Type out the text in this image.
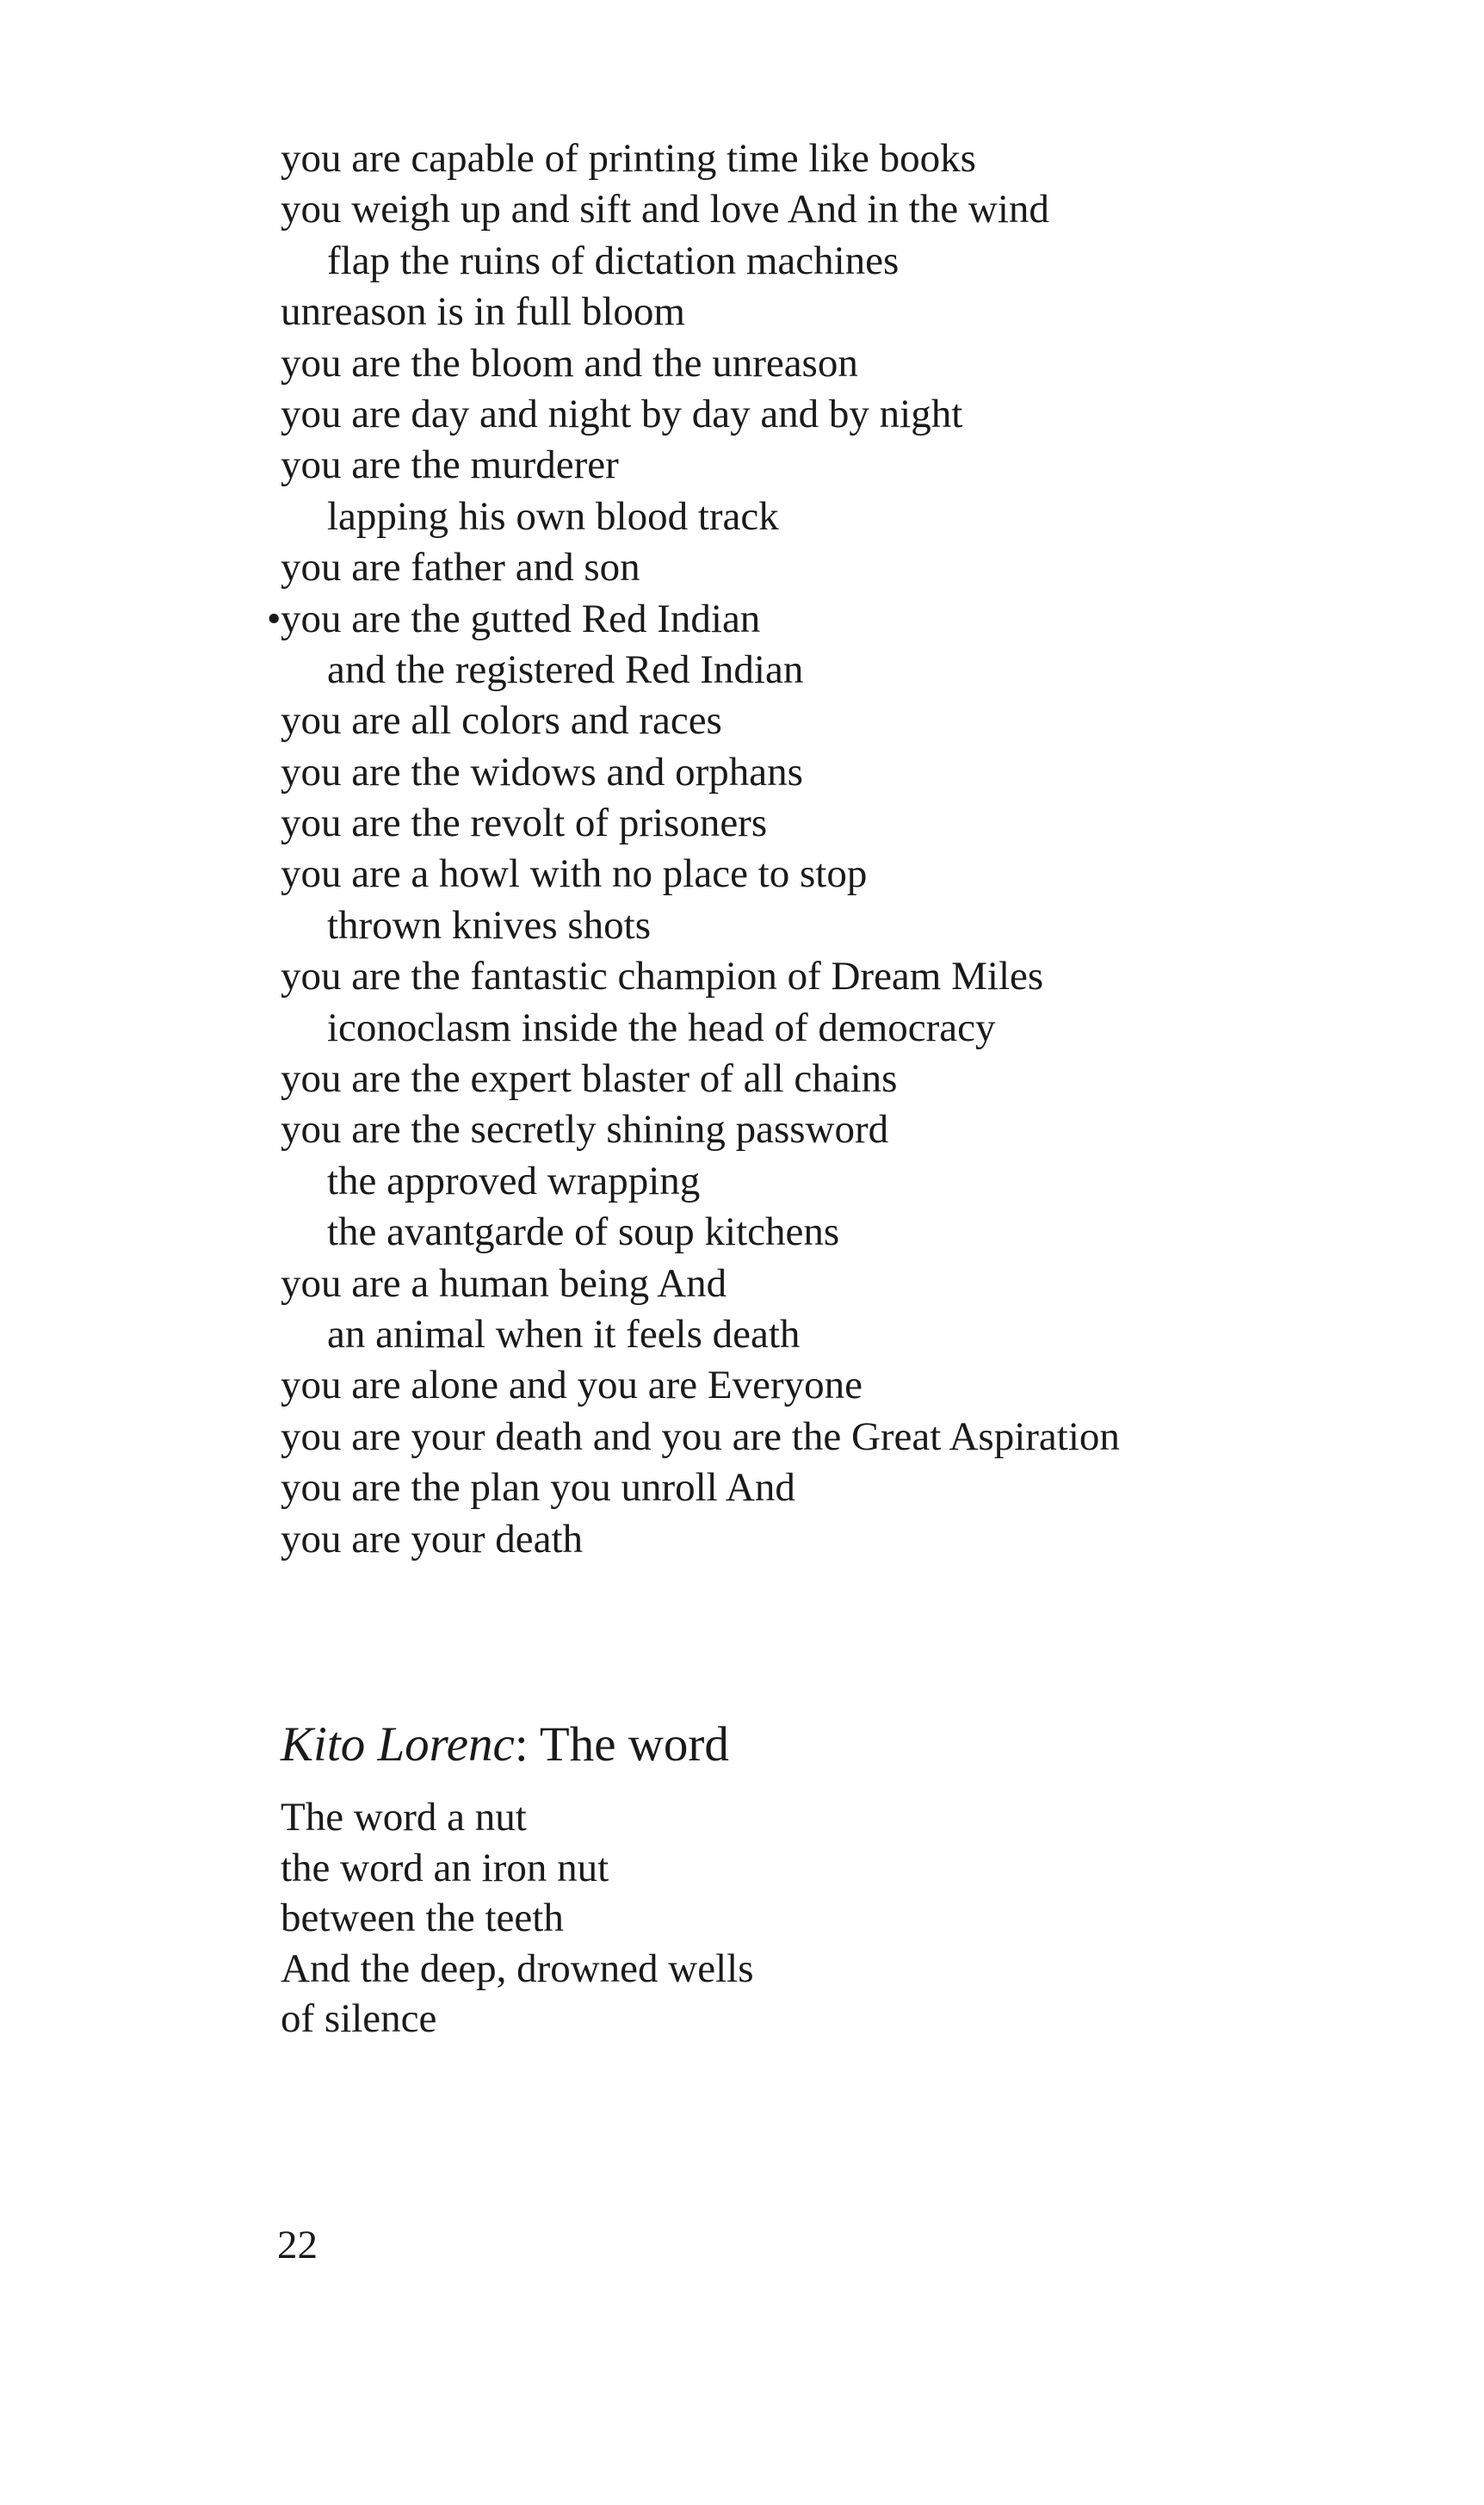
you are capable of printing time like books
you weigh up and sift and love And in the wind
flap the ruins of dictation machines
unreason is in full bloom
you are the bloom and the unreason
you are day and night by day and by night
you are the murderer
lapping his own blood track
you are father and son
• you are the gutted Red Indian
and the registered Red Indian
you are all colors and races
you are the widows and orphans
you are the revolt of prisoners
you are a howl with no place to stop
thrown knives shots
you are the fantastic champion of Dream Miles
iconoclasm inside the head of democracy
you are the expert blaster of all chains
you are the secretly shining password
the approved wrapping
the avantgarde of soup kitchens
you are a human being And
an animal when it feels death
you are alone and you are Everyone
you are your death and you are the Great Aspiration
you are the plan you unroll And
you are your death
Kito Lorenc: The word
The word a nut
the word an iron nut
between the teeth
And the deep, drowned wells
of silence
22
